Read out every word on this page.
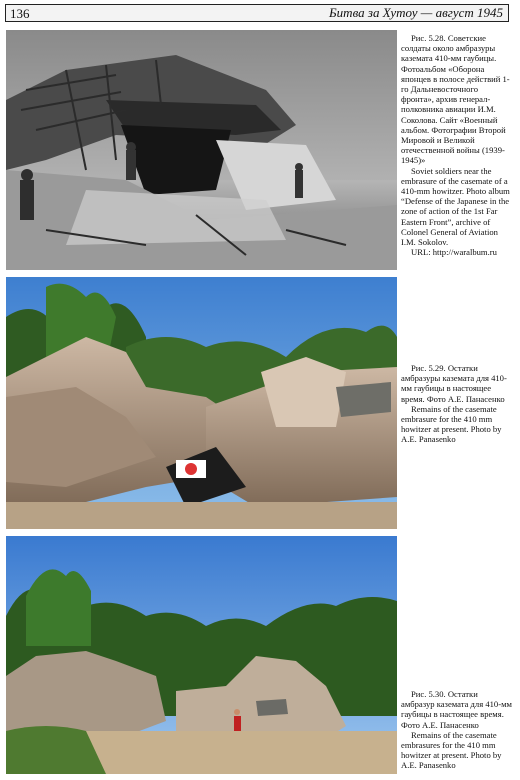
136	Битва за Хутоу — август 1945

Рис. 5.28. Советские солдаты около амбразуры каземата 410-мм гаубицы. Фотоальбом «Оборона японцев в полосе действий 1-го Дальневосточного фронта», архив генерал-полковника авиации И.М. Соколова. Сайт «Военный альбом. Фотографии Второй Мировой и Великой отечественной войны (1939-1945)»

Soviet soldiers near the embrasure of the casemate of a 410-mm howitzer. Photo album “Defense of the Japanese in the zone of action of the 1st Far Eastern Front”, archive of Colonel General of Aviation I.M. Sokolov.

URL: http://waralbum.ru

Рис. 5.29. Остатки амбразуры каземата для 410-мм гаубицы в настоящее время. Фото А.Е. Панасенко

Remains of the casemate embrasure for the 410 mm howitzer at present. Photo by A.E. Panasenko

Рис. 5.30. Остатки амбразур каземата для 410-мм гаубицы в настоящее время. Фото А.Е. Панасенко

Remains of the casemate embrasures for the 410 mm howitzer at present. Photo by A.E. Panasenko
